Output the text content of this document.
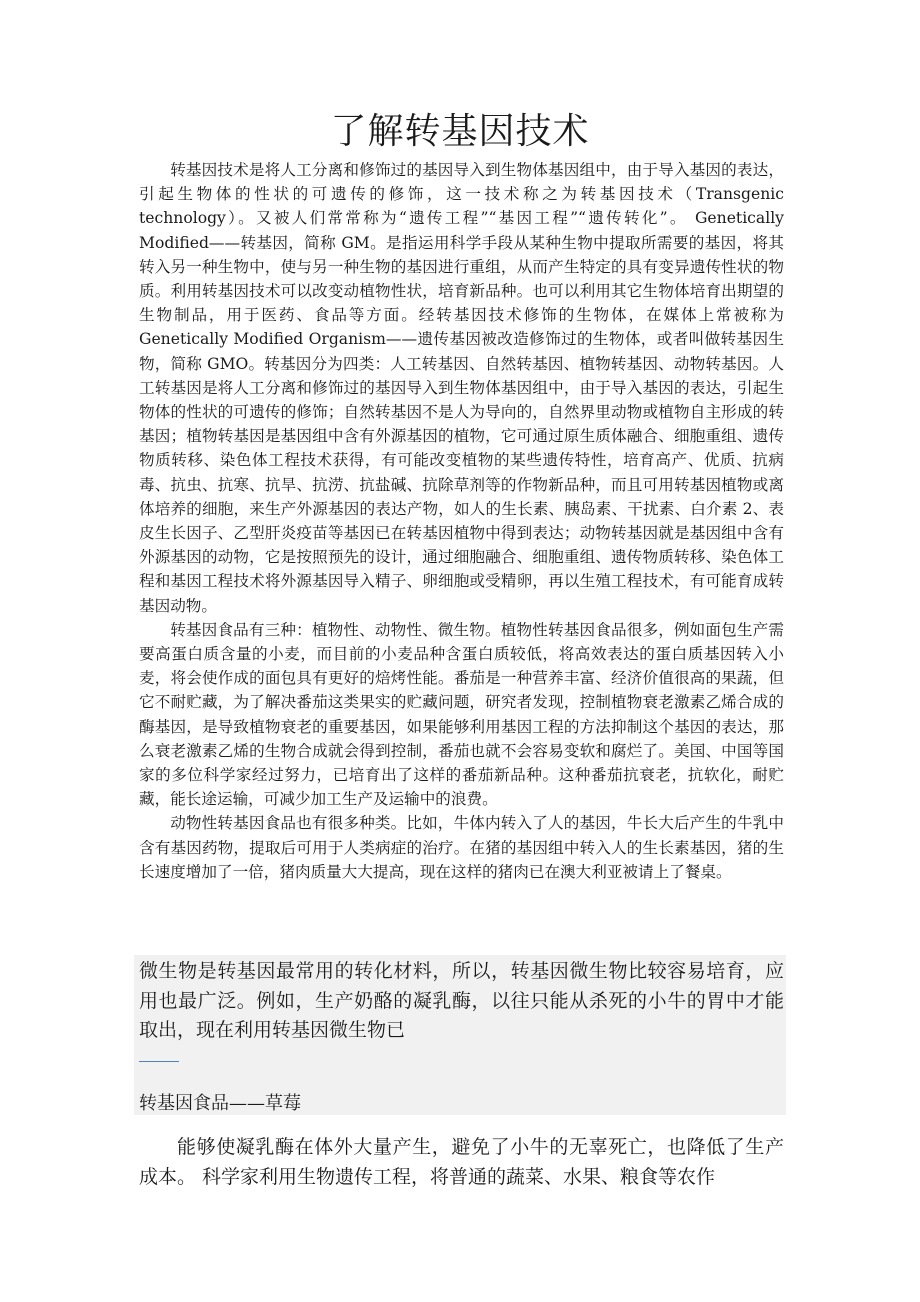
了解转基因技术

转基因技术是将人工分离和修饰过的基因导入到生物体基因组中，由于导入基因的表达，引起生物体的性状的可遗传的修饰，这一技术称之为转基因技术（Transgenic technology）。又被人们常常称为“遗传工程”“基因工程”“遗传转化”。 Genetically Modified——转基因，简称 GM。是指运用科学手段从某种生物中提取所需要的基因，将其转入另一种生物中，使与另一种生物的基因进行重组，从而产生特定的具有变异遗传性状的物质。利用转基因技术可以改变动植物性状，培育新品种。也可以利用其它生物体培育出期望的生物制品，用于医药、食品等方面。经转基因技术修饰的生物体，在媒体上常被称为 Genetically Modified Organism——遗传基因被改造修饰过的生物体，或者叫做转基因生物，简称 GMO。转基因分为四类：人工转基因、自然转基因、植物转基因、动物转基因。人工转基因是将人工分离和修饰过的基因导入到生物体基因组中，由于导入基因的表达，引起生物体的性状的可遗传的修饰；自然转基因不是人为导向的，自然界里动物或植物自主形成的转基因；植物转基因是基因组中含有外源基因的植物，它可通过原生质体融合、细胞重组、遗传物质转移、染色体工程技术获得，有可能改变植物的某些遗传特性，培育高产、优质、抗病毒、抗虫、抗寒、抗旱、抗涝、抗盐碱、抗除草剂等的作物新品种，而且可用转基因植物或离体培养的细胞，来生产外源基因的表达产物，如人的生长素、胰岛素、干扰素、白介素 2、表皮生长因子、乙型肝炎疫苗等基因已在转基因植物中得到表达；动物转基因就是基因组中含有外源基因的动物，它是按照预先的设计，通过细胞融合、细胞重组、遗传物质转移、染色体工程和基因工程技术将外源基因导入精子、卵细胞或受精卵，再以生殖工程技术，有可能育成转基因动物。

转基因食品有三种：植物性、动物性、微生物。植物性转基因食品很多，例如面包生产需要高蛋白质含量的小麦，而目前的小麦品种含蛋白质较低，将高效表达的蛋白质基因转入小麦，将会使作成的面包具有更好的焙烤性能。番茄是一种营养丰富、经济价值很高的果蔬，但它不耐贮藏，为了解决番茄这类果实的贮藏问题，研究者发现，控制植物衰老激素乙烯合成的酶基因，是导致植物衰老的重要基因，如果能够利用基因工程的方法抑制这个基因的表达，那么衰老激素乙烯的生物合成就会得到控制，番茄也就不会容易变软和腐烂了。美国、中国等国家的多位科学家经过努力，已培育出了这样的番茄新品种。这种番茄抗衰老，抗软化，耐贮藏，能长途运输，可减少加工生产及运输中的浪费。

动物性转基因食品也有很多种类。比如，牛体内转入了人的基因，牛长大后产生的牛乳中含有基因药物，提取后可用于人类病症的治疗。在猪的基因组中转入人的生长素基因，猪的生长速度增加了一倍，猪肉质量大大提高，现在这样的猪肉已在澳大利亚被请上了餐桌。

微生物是转基因最常用的转化材料，所以，转基因微生物比较容易培育，应用也最广泛。例如，生产奶酪的凝乳酶，以往只能从杀死的小牛的胃中才能取出，现在利用转基因微生物已

转基因食品——草莓

能够使凝乳酶在体外大量产生，避免了小牛的无辜死亡，也降低了生产成本。 科学家利用生物遗传工程，将普通的蔬菜、水果、粮食等农作
